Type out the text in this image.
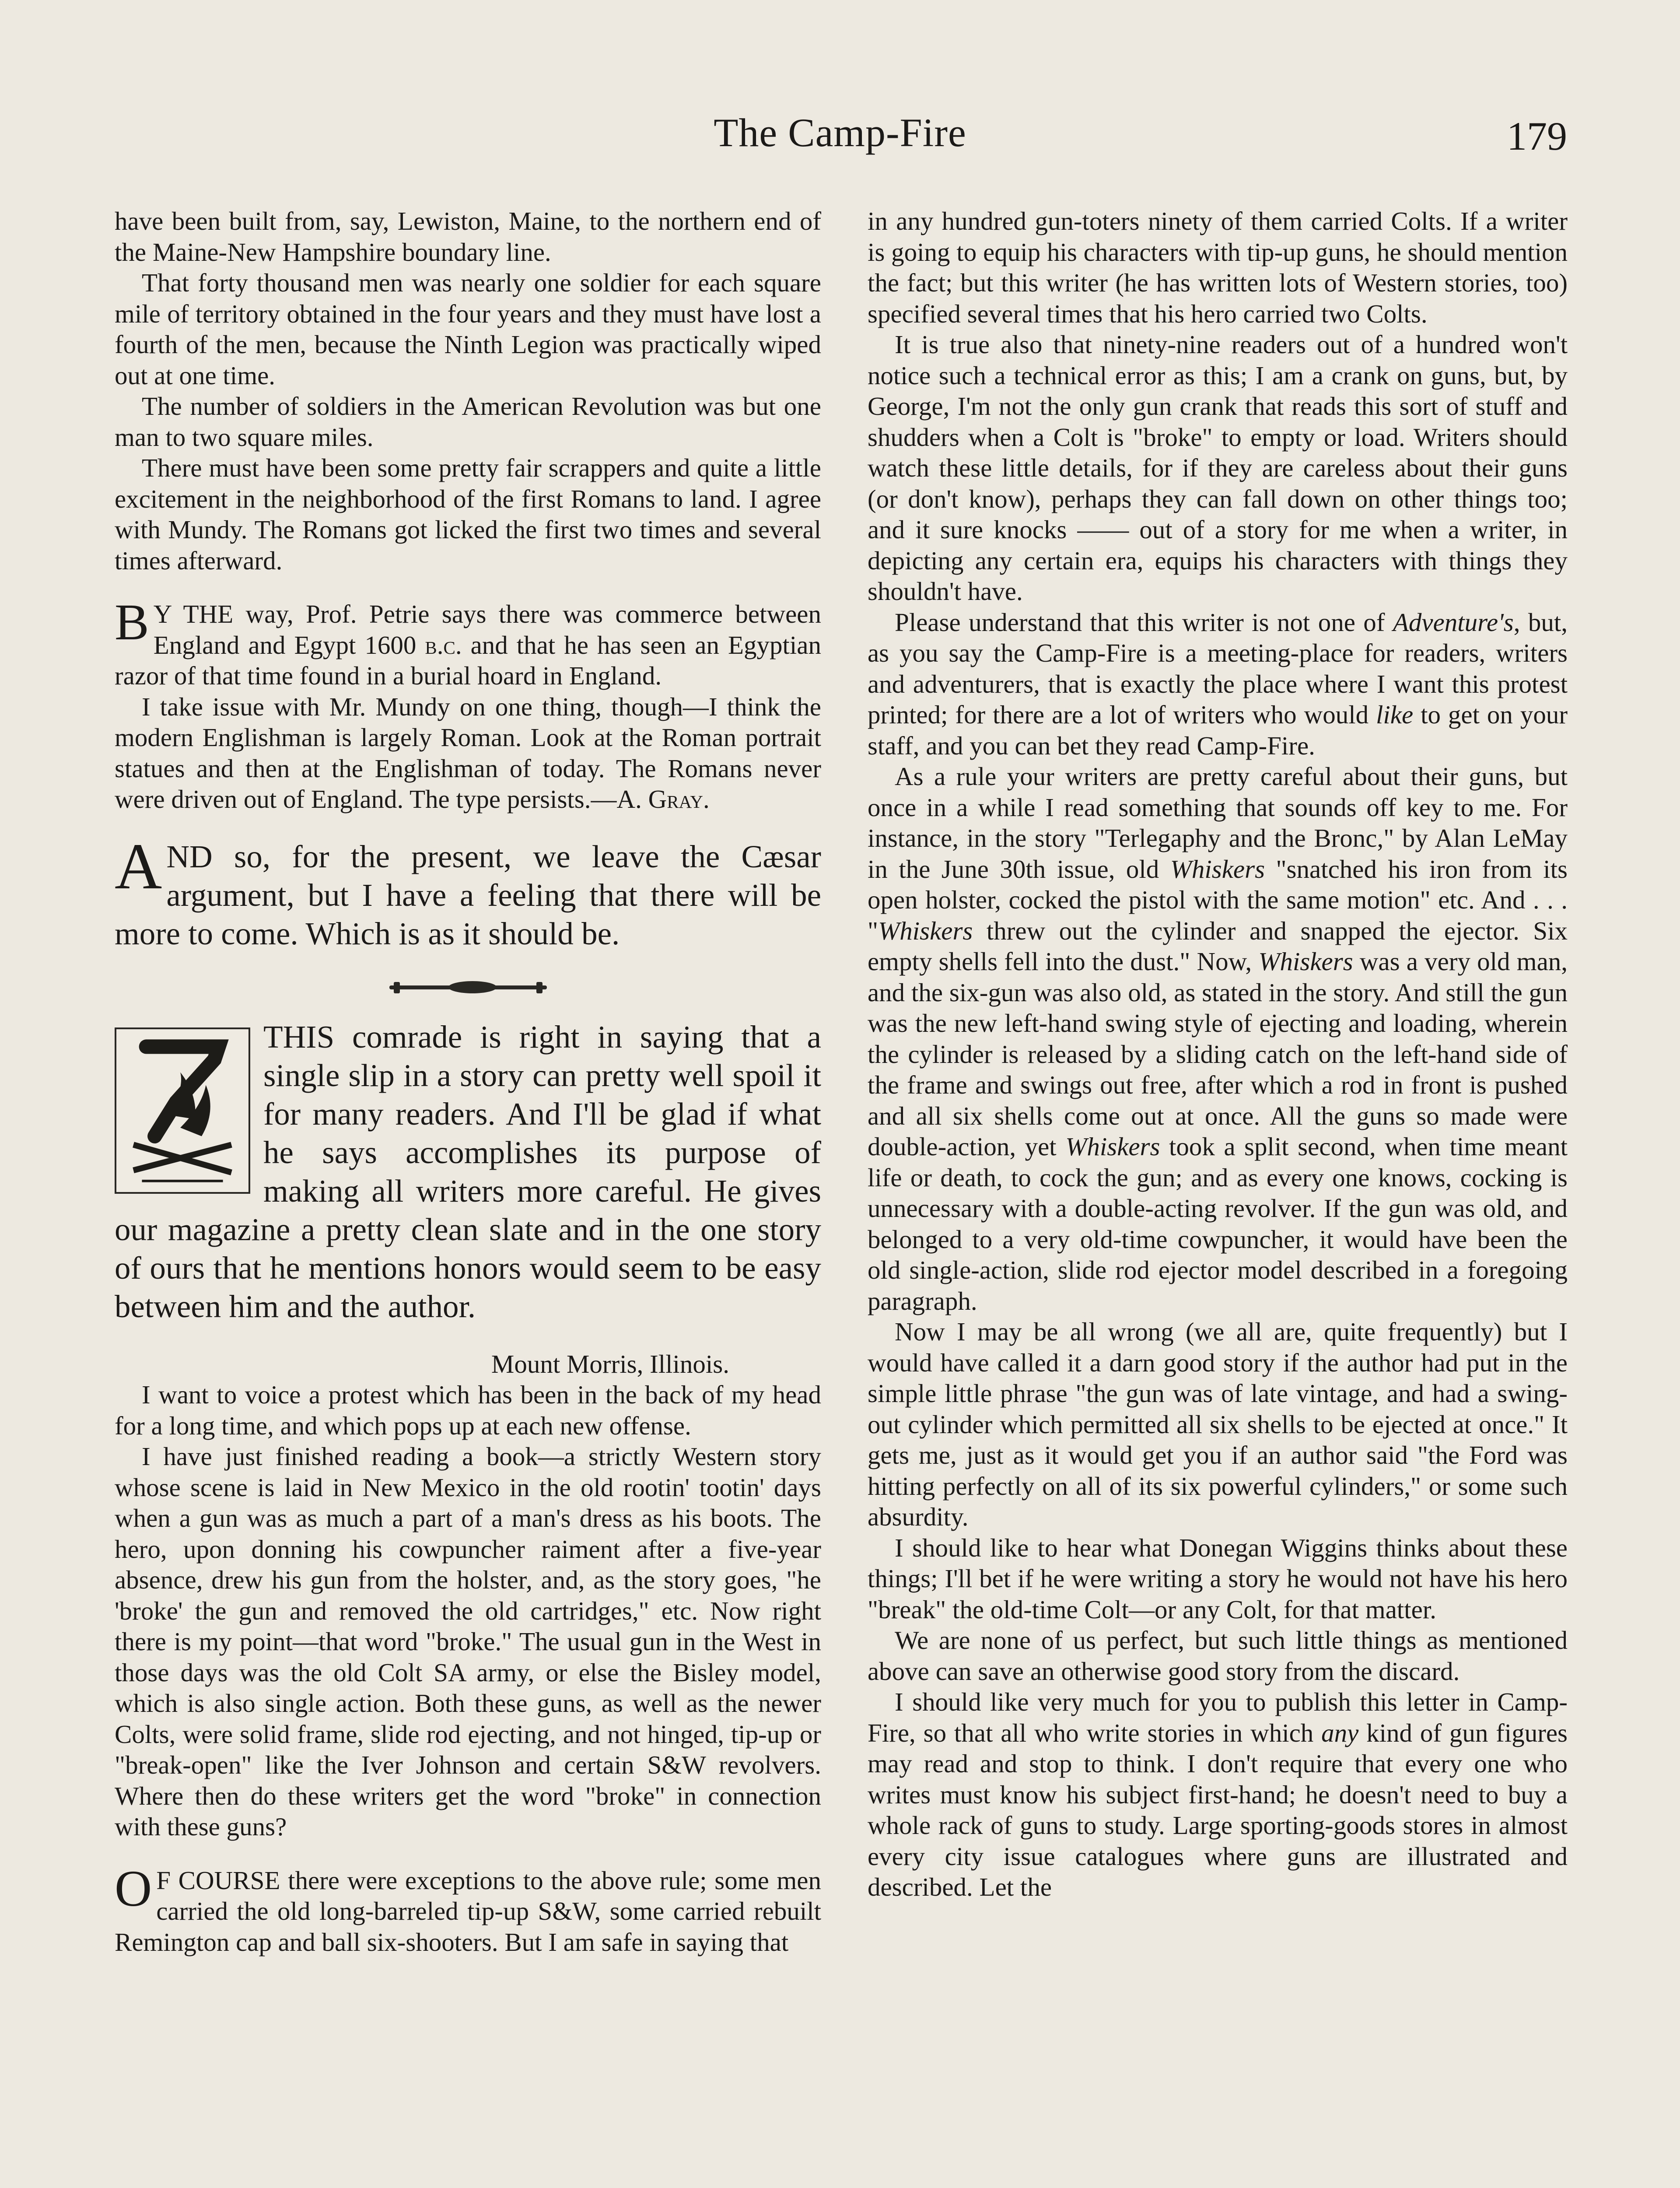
The Camp-Fire	179

have been built from, say, Lewiston, Maine, to the northern end of the Maine-New Hampshire boundary line.

That forty thousand men was nearly one soldier for each square mile of territory obtained in the four years and they must have lost a fourth of the men, because the Ninth Legion was practically wiped out at one time.

The number of soldiers in the American Revolution was but one man to two square miles.

There must have been some pretty fair scrappers and quite a little excitement in the neighborhood of the first Romans to land. I agree with Mundy. The Romans got licked the first two times and several times afterward.

B Y THE way, Prof. Petrie says there was commerce between England and Egypt 1600 b.c. and that he has seen an Egyptian razor of that time found in a burial hoard in England.

I take issue with Mr. Mundy on one thing, though—I think the modern Englishman is largely Roman. Look at the Roman portrait statues and then at the Englishman of today. The Romans never were driven out of England. The type persists.—A. Gray.

AND so, for the present, we leave the Cæsar argument, but I have a feeling that there will be more to come. Which is as it should be.

THIS comrade is right in saying that a single slip in a story can pretty well spoil it for many readers. And I'll be glad if what he says accomplishes its purpose of making all writers more careful. He gives our magazine a pretty clean slate and in the one story of ours that he mentions honors would seem to be easy between him and the author.

Mount Morris, Illinois.

I want to voice a protest which has been in the back of my head for a long time, and which pops up at each new offense.

I have just finished reading a book—a strictly Western story whose scene is laid in New Mexico in the old rootin' tootin' days when a gun was as much a part of a man's dress as his boots. The hero, upon donning his cowpuncher raiment after a five-year absence, drew his gun from the holster, and, as the story goes, "he 'broke' the gun and removed the old cartridges," etc. Now right there is my point—that word "broke." The usual gun in the West in those days was the old Colt SA army, or else the Bisley model, which is also single action. Both these guns, as well as the newer Colts, were solid frame, slide rod ejecting, and not hinged, tip-up or "break-open" like the Iver Johnson and certain S&W revolvers. Where then do these writers get the word "broke" in connection with these guns?

O F COURSE there were exceptions to the above rule; some men carried the old long-barreled tip-up S&W, some carried rebuilt Remington cap and ball six-shooters. But I am safe in saying that

in any hundred gun-toters ninety of them carried Colts. If a writer is going to equip his characters with tip-up guns, he should mention the fact; but this writer (he has written lots of Western stories, too) specified several times that his hero carried two Colts.

It is true also that ninety-nine readers out of a hundred won't notice such a technical error as this; I am a crank on guns, but, by George, I'm not the only gun crank that reads this sort of stuff and shudders when a Colt is "broke" to empty or load. Writers should watch these little details, for if they are careless about their guns (or don't know), perhaps they can fall down on other things too; and it sure knocks —— out of a story for me when a writer, in depicting any certain era, equips his characters with things they shouldn't have.

Please understand that this writer is not one of Adventure's, but, as you say the Camp-Fire is a meeting-place for readers, writers and adventurers, that is exactly the place where I want this protest printed; for there are a lot of writers who would like to get on your staff, and you can bet they read Camp-Fire.

As a rule your writers are pretty careful about their guns, but once in a while I read something that sounds off key to me. For instance, in the story "Terlegaphy and the Bronc," by Alan LeMay in the June 30th issue, old Whiskers "snatched his iron from its open holster, cocked the pistol with the same motion" etc. And . . . "Whiskers threw out the cylinder and snapped the ejector. Six empty shells fell into the dust." Now, Whiskers was a very old man, and the six-gun was also old, as stated in the story. And still the gun was the new left-hand swing style of ejecting and loading, wherein the cylinder is released by a sliding catch on the left-hand side of the frame and swings out free, after which a rod in front is pushed and all six shells come out at once. All the guns so made were double-action, yet Whiskers took a split second, when time meant life or death, to cock the gun; and as every one knows, cocking is unnecessary with a double-acting revolver. If the gun was old, and belonged to a very old-time cowpuncher, it would have been the old single-action, slide rod ejector model described in a foregoing paragraph.

Now I may be all wrong (we all are, quite frequently) but I would have called it a darn good story if the author had put in the simple little phrase "the gun was of late vintage, and had a swing-out cylinder which permitted all six shells to be ejected at once." It gets me, just as it would get you if an author said "the Ford was hitting perfectly on all of its six powerful cylinders," or some such absurdity.

I should like to hear what Donegan Wiggins thinks about these things; I'll bet if he were writing a story he would not have his hero "break" the old-time Colt—or any Colt, for that matter.

We are none of us perfect, but such little things as mentioned above can save an otherwise good story from the discard.

I should like very much for you to publish this letter in Camp-Fire, so that all who write stories in which any kind of gun figures may read and stop to think. I don't require that every one who writes must know his subject first-hand; he doesn't need to buy a whole rack of guns to study. Large sporting-goods stores in almost every city issue catalogues where guns are illustrated and described. Let the
